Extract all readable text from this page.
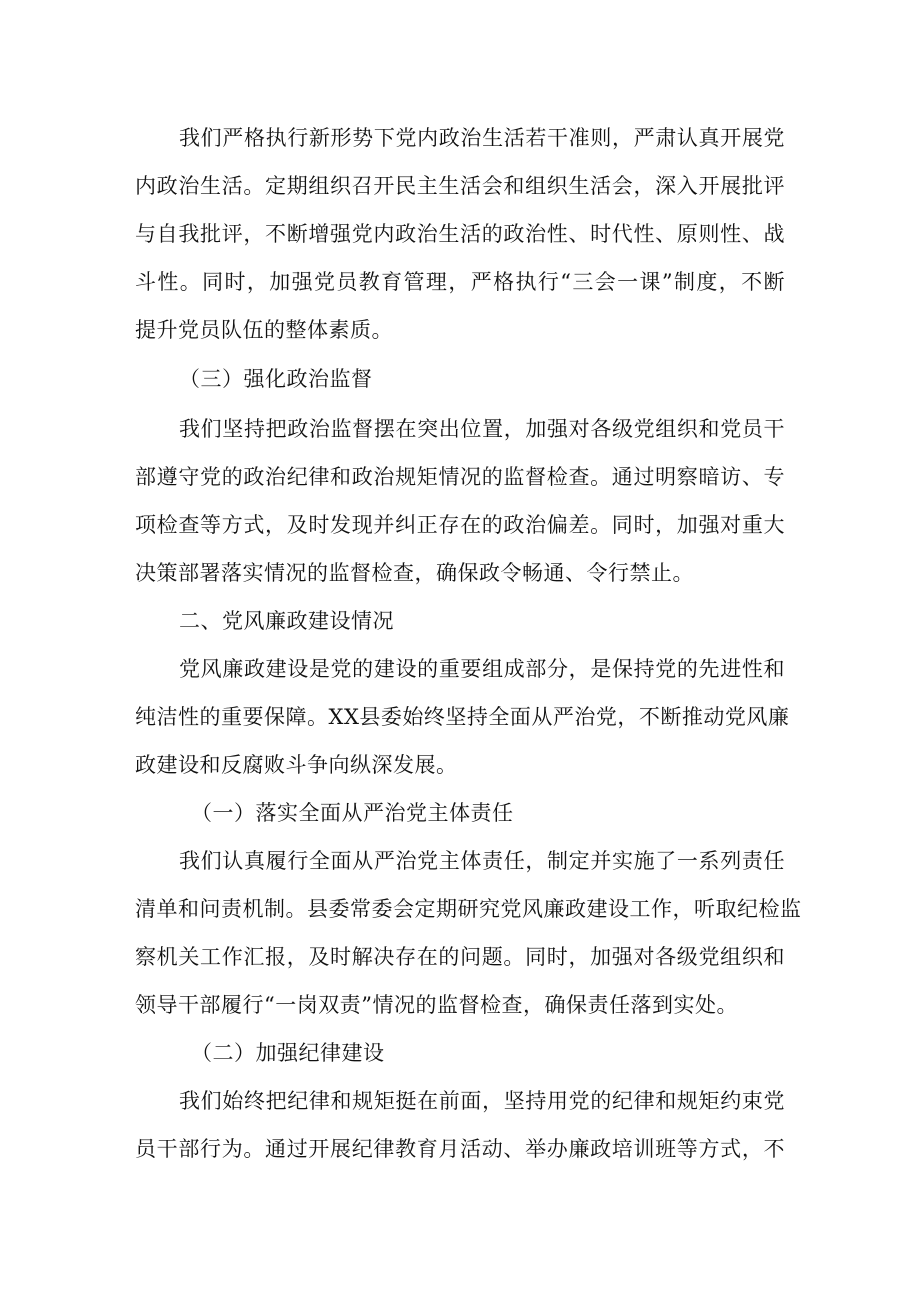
我们严格执行新形势下党内政治生活若干准则，严肃认真开展党
内政治生活。定期组织召开民主生活会和组织生活会，深入开展批评
与自我批评，不断增强党内政治生活的政治性、时代性、原则性、战
斗性。同时，加强党员教育管理，严格执行“三会一课”制度，不断
提升党员队伍的整体素质。
（三）强化政治监督
我们坚持把政治监督摆在突出位置，加强对各级党组织和党员干
部遵守党的政治纪律和政治规矩情况的监督检查。通过明察暗访、专
项检查等方式，及时发现并纠正存在的政治偏差。同时，加强对重大
决策部署落实情况的监督检查，确保政令畅通、令行禁止。
二、党风廉政建设情况
党风廉政建设是党的建设的重要组成部分，是保持党的先进性和
纯洁性的重要保障。XX县委始终坚持全面从严治党，不断推动党风廉
政建设和反腐败斗争向纵深发展。
（一）落实全面从严治党主体责任
我们认真履行全面从严治党主体责任，制定并实施了一系列责任
清单和问责机制。县委常委会定期研究党风廉政建设工作，听取纪检监
察机关工作汇报，及时解决存在的问题。同时，加强对各级党组织和
领导干部履行“一岗双责”情况的监督检查，确保责任落到实处。
（二）加强纪律建设
我们始终把纪律和规矩挺在前面，坚持用党的纪律和规矩约束党
员干部行为。通过开展纪律教育月活动、举办廉政培训班等方式，不
